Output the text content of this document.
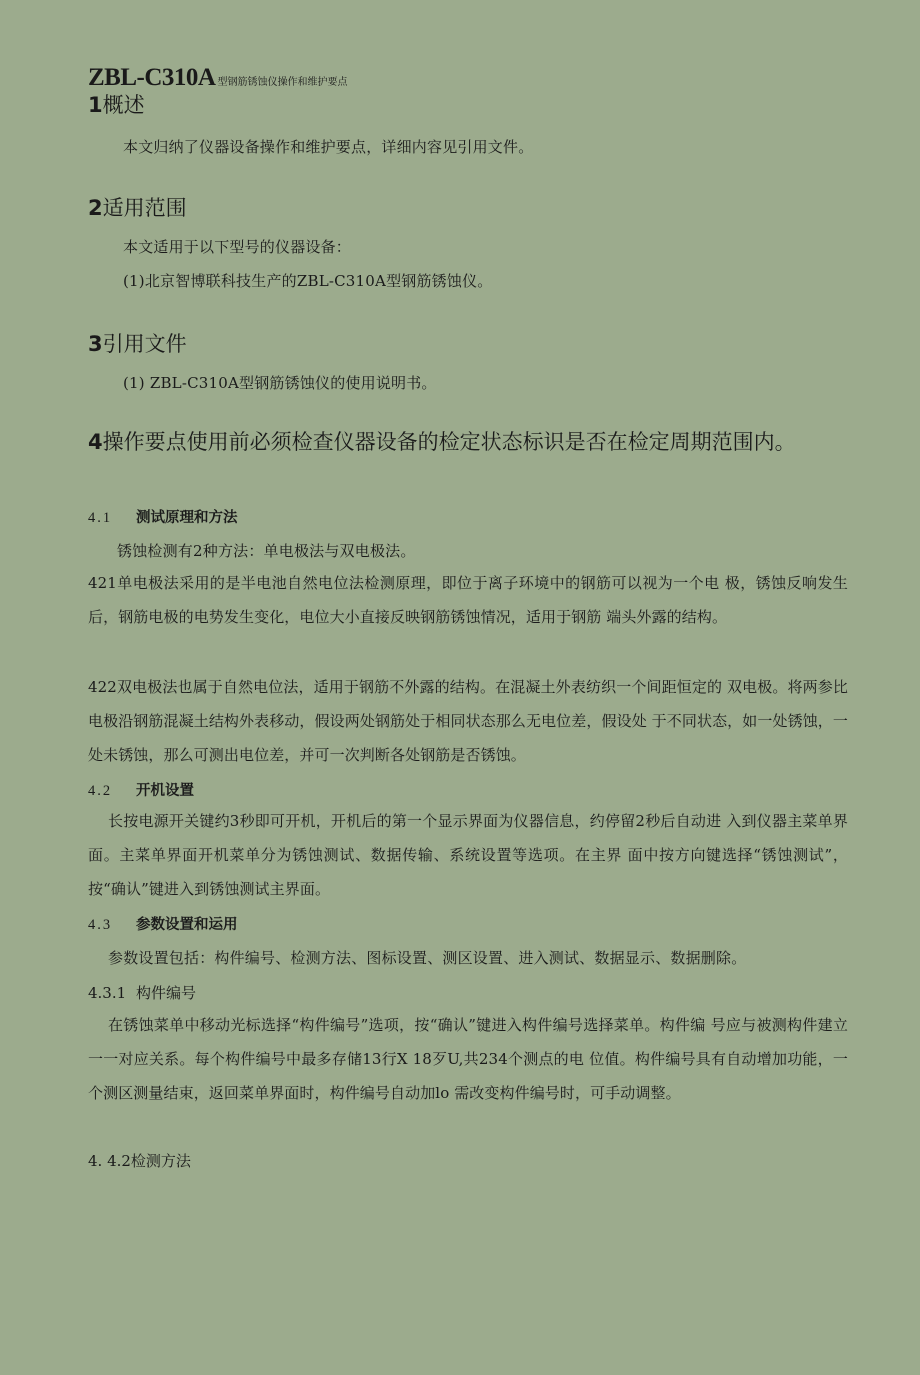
ZBL-C310A 型钢筋锈蚀仪操作和维护要点
1概述
本文归纳了仪器设备操作和维护要点，详细内容见引用文件。
2适用范围
本文适用于以下型号的仪器设备：
(1)北京智博联科技生产的ZBL-C310A型钢筋锈蚀仪。
3引用文件
(1) ZBL-C310A型钢筋锈蚀仪的使用说明书。
4操作要点使用前必须检查仪器设备的检定状态标识是否在检定周期范围内。
4.1 测试原理和方法
锈蚀检测有2种方法：单电极法与双电极法。
421单电极法采用的是半电池自然电位法检测原理，即位于离子环境中的钢筋可以视为一个电 极，锈蚀反响发生后，钢筋电极的电势发生变化，电位大小直接反映钢筋锈蚀情况，适用于钢筋 端头外露的结构。
422双电极法也属于自然电位法，适用于钢筋不外露的结构。在混凝土外表纺织一个间距恒定的 双电极。将两参比电极沿钢筋混凝土结构外表移动，假设两处钢筋处于相同状态那么无电位差，假设处 于不同状态，如一处锈蚀，一处未锈蚀，那么可测出电位差，并可一次判断各处钢筋是否锈蚀。
4.2 开机设置
长按电源开关键约3秒即可开机，开机后的第一个显示界面为仪器信息，约停留2秒后自动进 入到仪器主菜单界面。主菜单界面开机菜单分为锈蚀测试、数据传输、系统设置等选项。在主界 面中按方向键选择“锈蚀测试”，按“确认”键进入到锈蚀测试主界面。
4.3 参数设置和运用
参数设置包括：构件编号、检测方法、图标设置、测区设置、进入测试、数据显示、数据删除。
4.3.1 构件编号
在锈蚀菜单中移动光标选择“构件编号”选项，按“确认”键进入构件编号选择菜单。构件编 号应与被测构件建立一一对应关系。每个构件编号中最多存储13行X 18歹U,共234个测点的电 位值。构件编号具有自动增加功能，一个测区测量结束，返回菜单界面时，构件编号自动加lo 需改变构件编号时，可手动调整。
4. 4.2检测方法
